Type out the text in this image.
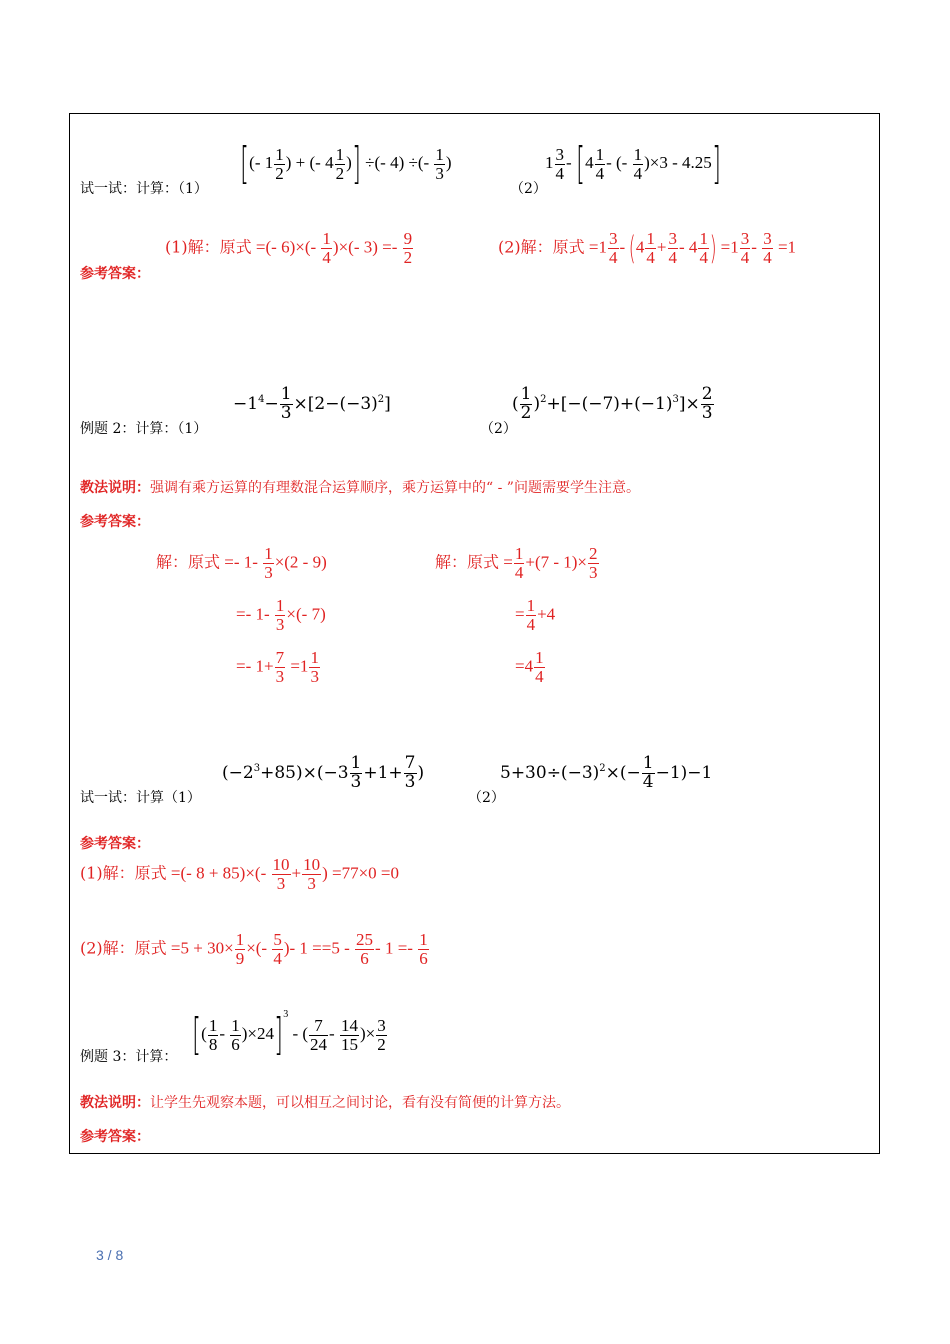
试一试：计算：（1） [(- $1 \frac{1}{2}$ ) + (- $4 \frac{1}{2}$ )] ÷(- 4) ÷(- $\frac{1}{3}$ )
（2）
$1 \frac{3}{4} - [4 \frac{1}{4}$ - (- $\frac{1}{4} )\times 3 - 4.25$]
参考答案：
(1)解：原式 =(- $6)\times(- \frac{1}{4}$ )×(- $3) =- \frac{9}{2}$	(2)解：原式 $=1 \frac{3}{4} - (4 \frac{1}{4} + \frac{3}{4} - 4 \frac{1}{4}$ ) $=1 \frac{3}{4} - \frac{3}{4} =1$
例题 2：计算：（1）
$-1^4- \frac{1}{3} \times[2-(-3)^2]$
（2）
( $\frac{1}{2} )^2+[-(-7)+(-1)^3]\times \frac{2}{3}$
教法说明：强调有乘方运算的有理数混合运算顺序，乘方运算中的“ - ”问题需要学生注意。
参考答案：
解：原式 =- $1- \frac{1}{3} \times(2 - 9)$
=- $1- \frac{1}{3}$ ×(- 7)
=- $1+ \frac{7}{3} =1 \frac{1}{3}$
解：原式 = $\frac{1}{4} +(7 - 1)\times \frac{2}{3}$
= $\frac{1}{4} +4$
$=4 \frac{1}{4}$
试一试：计算（1）
$(-2^3+85)\times(-3 \frac{1}{3} +1+ \frac{7}{3}$ )
（2）
$5+30\div(-3)^2\times(- \frac{1}{4} -1)-1$
参考答案：
(1)解：原式 =(- $8 + 85)\times(- \frac{10}{3} + \frac{10}{3}$ ) =77×0 =0
(2)解：原式 $=5 + 30\times \frac{1}{9}$ ×(- $\frac{5}{4}$ )- $1 ==5 - \frac{25}{6} - 1 =- \frac{1}{6}$
例题 3：计算： [( $\frac{1}{8} - \frac{1}{6} )\times 24]^3$ - ( $\frac{7}{24} - \frac{14}{15}$ )× $\frac{3}{2}$
教法说明：让学生先观察本题，可以相互之间讨论，看有没有简便的计算方法。
参考答案：
3 / 8
